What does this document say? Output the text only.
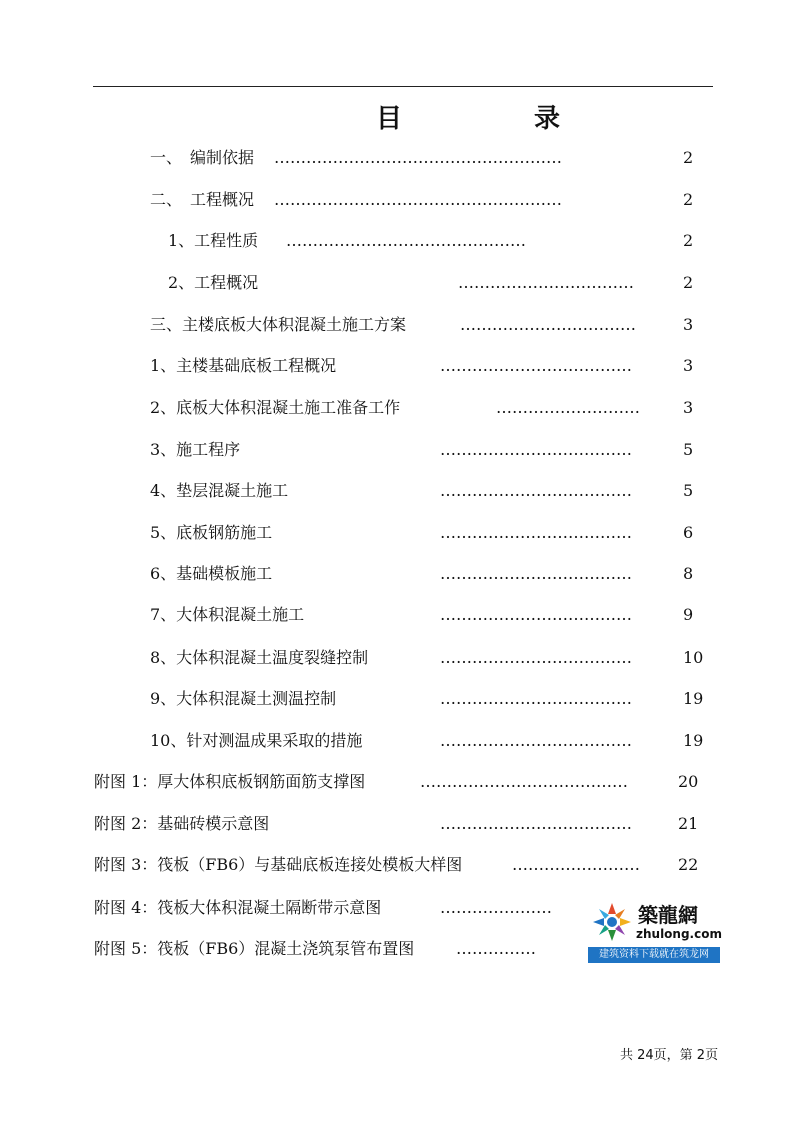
目	录
一、　编制依据 ………………………………………………	2
二、　工程概况 ………………………………………………	2
1、工程性质 ………………………………………	2
2、工程概况	……………………………	2
三、主楼底板大体积混凝土施工方案	……………………………	3
1、主楼基础底板工程概况	………………………………	3
2、底板大体积混凝土施工准备工作	………………………	3
3、施工程序	………………………………	5
4、垫层混凝土施工	………………………………	5
5、底板钢筋施工	………………………………	6
6、基础模板施工	………………………………	8
7、大体积混凝土施工	………………………………	9
8、大体积混凝土温度裂缝控制	………………………………	10
9、大体积混凝土测温控制	………………………………	19
10、针对测温成果采取的措施	………………………………	19
附图 1：厚大体积底板钢筋面筋支撑图	…………………………………	20
附图 2：基础砖模示意图	………………………………	21
附图 3：筏板（FB6）与基础底板连接处模板大样图	……………………	22
附图 4：筏板大体积混凝土隔断带示意图	…………………
附图 5：筏板（FB6）混凝土浇筑泵管布置图	……………
築龍網
zhulong.com
建筑资料下载就在筑龙网
共 24页，第 2页
